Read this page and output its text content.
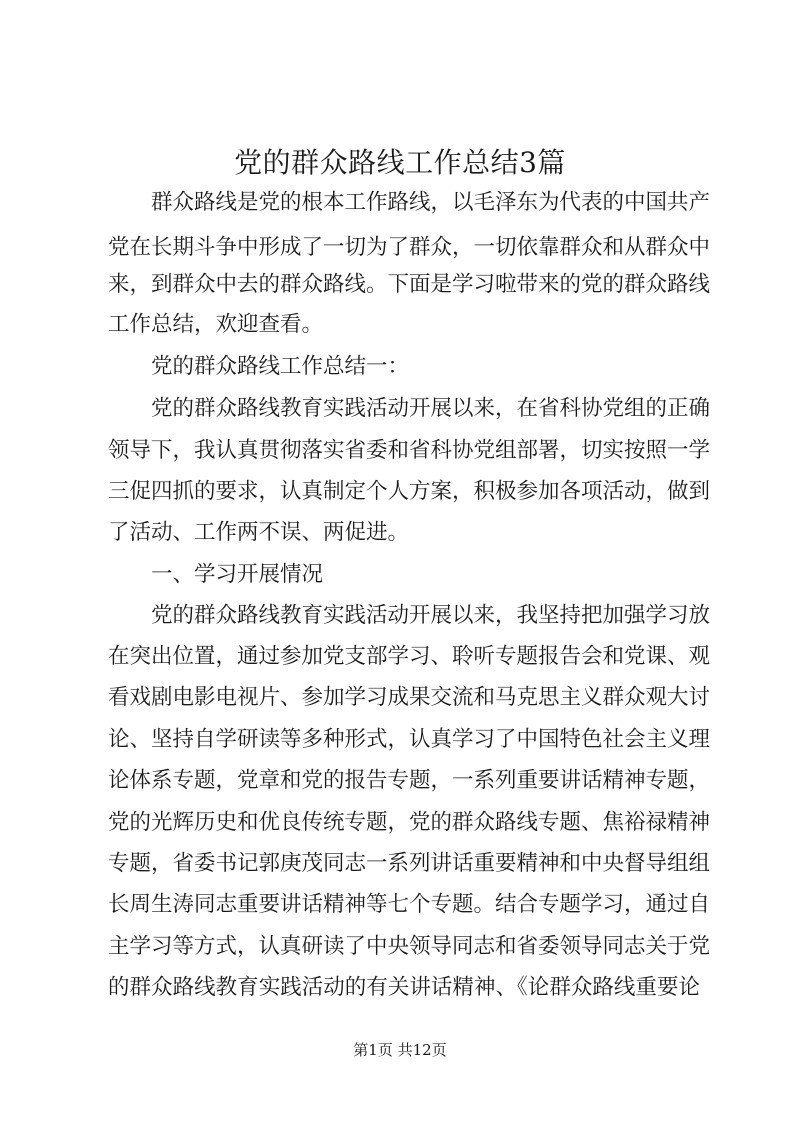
党的群众路线工作总结3篇
　　群众路线是党的根本工作路线，以毛泽东为代表的中国共产
党在长期斗争中形成了一切为了群众，一切依靠群众和从群众中
来，到群众中去的群众路线。下面是学习啦带来的党的群众路线
工作总结，欢迎查看。
　　党的群众路线工作总结一：
　　党的群众路线教育实践活动开展以来，在省科协党组的正确
领导下，我认真贯彻落实省委和省科协党组部署，切实按照一学
三促四抓的要求，认真制定个人方案，积极参加各项活动，做到
了活动、工作两不误、两促进。
　　一、学习开展情况
　　党的群众路线教育实践活动开展以来，我坚持把加强学习放
在突出位置，通过参加党支部学习、聆听专题报告会和党课、观
看戏剧电影电视片、参加学习成果交流和马克思主义群众观大讨
论、坚持自学研读等多种形式，认真学习了中国特色社会主义理
论体系专题，党章和党的报告专题，一系列重要讲话精神专题，
党的光辉历史和优良传统专题，党的群众路线专题、焦裕禄精神
专题，省委书记郭庚茂同志一系列讲话重要精神和中央督导组组
长周生涛同志重要讲话精神等七个专题。结合专题学习，通过自
主学习等方式，认真研读了中央领导同志和省委领导同志关于党
的群众路线教育实践活动的有关讲话精神、《论群众路线重要论
第1页 共12页
